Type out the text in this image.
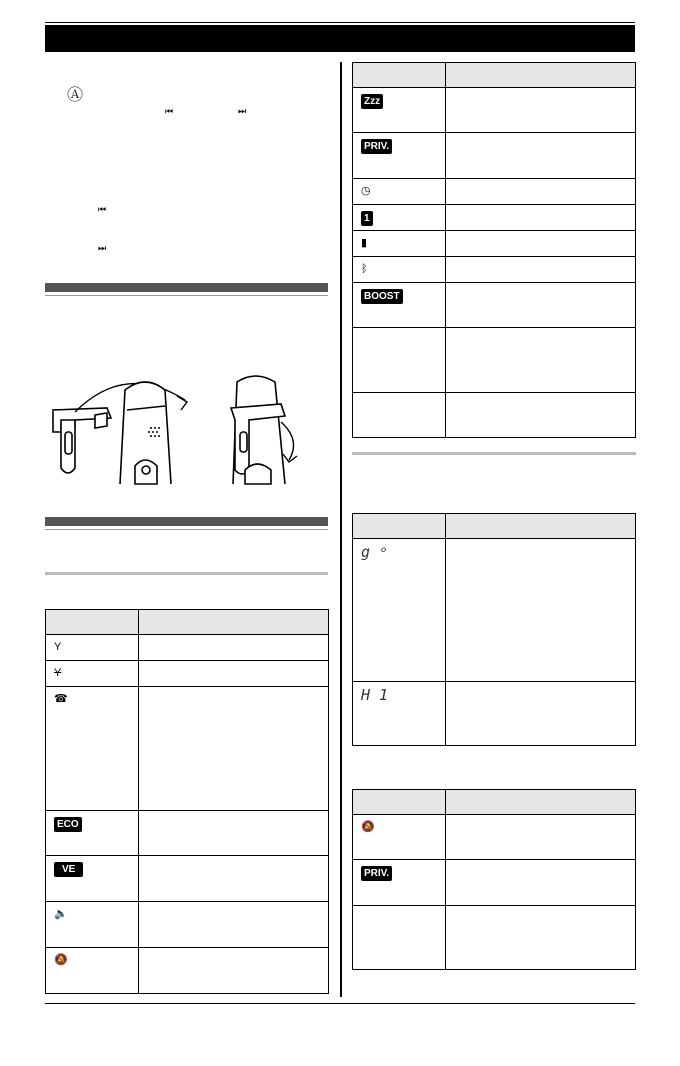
Ⓐ
⏮	⏭
⏮
⏭

Y	
Y	
☎	
ECO	
VE	
🔈	
🔕	

Zzz	
PRIV.	
◷	
1	
▮	
ᛒ	
BOOST	

g ᵒ	
H 1	

🔕	
PRIV.	
